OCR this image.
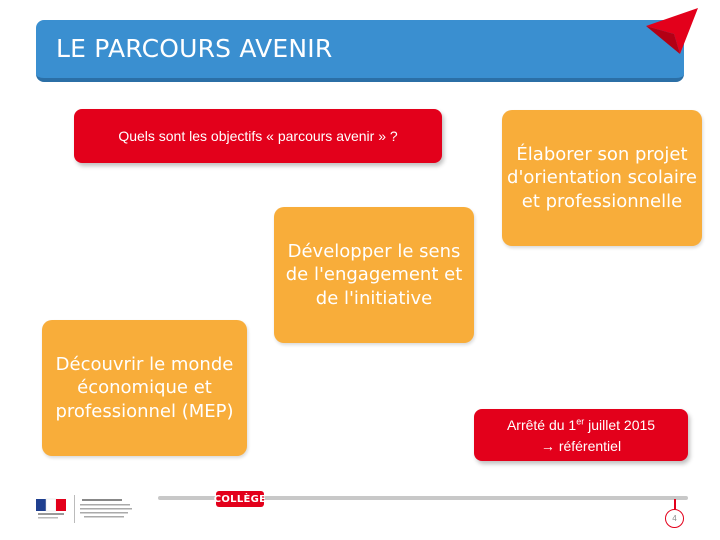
LE PARCOURS AVENIR
Quels sont les objectifs « parcours avenir » ?
Découvrir le monde économique et professionnel (MEP)
Développer le sens de l'engagement et de l'initiative
Élaborer son projet d'orientation scolaire et professionnelle
Arrêté du 1er juillet 2015
→ référentiel
COLLÈGE
4
